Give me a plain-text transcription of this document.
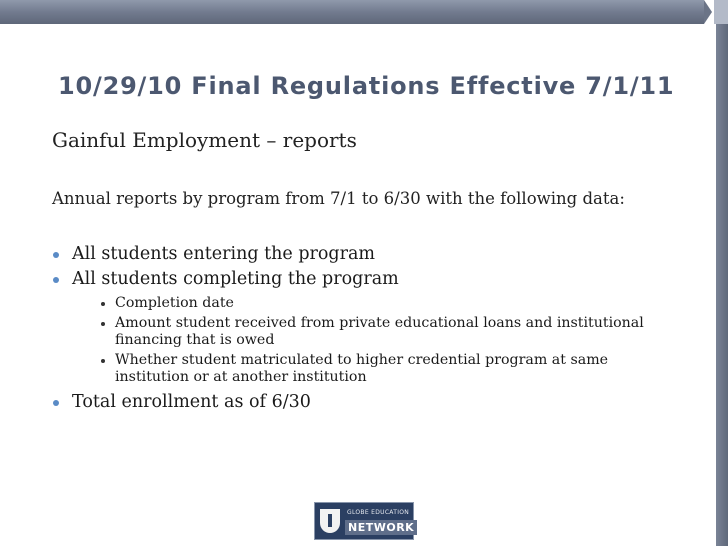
10/29/10 Final Regulations Effective 7/1/11

Gainful Employment – reports

Annual reports by program from 7/1 to 6/30 with the following data:

All students entering the program
All students completing the program
Completion date
Amount student received from private educational loans and institutional financing that is owed
Whether student matriculated to higher credential program at same institution or at another institution
Total enrollment as of 6/30
GLOBE EDUCATION
NETWORK
